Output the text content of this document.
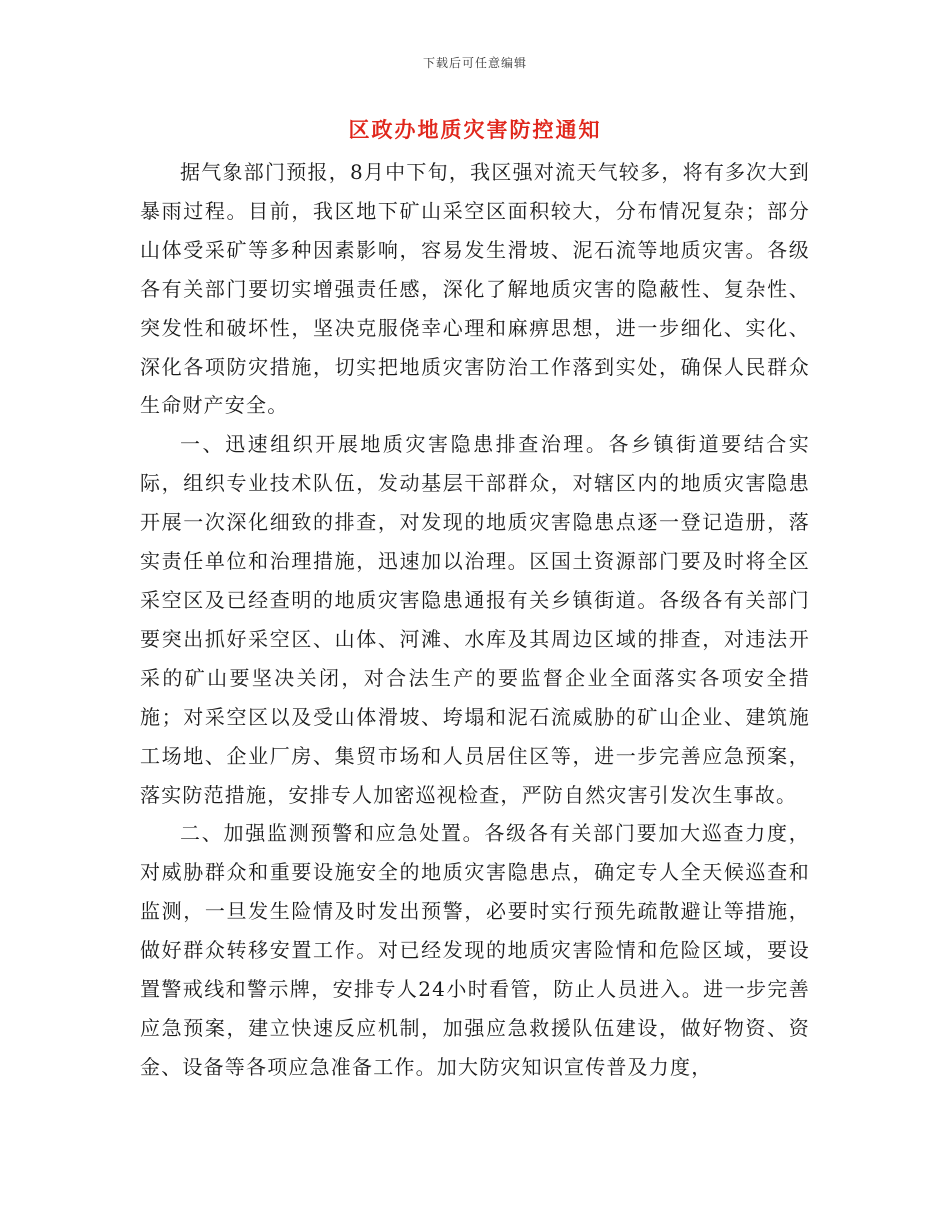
下载后可任意编辑
区政办地质灾害防控通知

据气象部门预报，8月中下旬，我区强对流天气较多，将有多次大到暴雨过程。目前，我区地下矿山采空区面积较大，分布情况复杂；部分山体受采矿等多种因素影响，容易发生滑坡、泥石流等地质灾害。各级各有关部门要切实增强责任感，深化了解地质灾害的隐蔽性、复杂性、突发性和破坏性，坚决克服侥幸心理和麻痹思想，进一步细化、实化、深化各项防灾措施，切实把地质灾害防治工作落到实处，确保人民群众生命财产安全。

一、迅速组织开展地质灾害隐患排查治理。各乡镇街道要结合实际，组织专业技术队伍，发动基层干部群众，对辖区内的地质灾害隐患开展一次深化细致的排查，对发现的地质灾害隐患点逐一登记造册，落实责任单位和治理措施，迅速加以治理。区国土资源部门要及时将全区采空区及已经查明的地质灾害隐患通报有关乡镇街道。各级各有关部门要突出抓好采空区、山体、河滩、水库及其周边区域的排查，对违法开采的矿山要坚决关闭，对合法生产的要监督企业全面落实各项安全措施；对采空区以及受山体滑坡、垮塌和泥石流威胁的矿山企业、建筑施工场地、企业厂房、集贸市场和人员居住区等，进一步完善应急预案，落实防范措施，安排专人加密巡视检查，严防自然灾害引发次生事故。

二、加强监测预警和应急处置。各级各有关部门要加大巡查力度，对威胁群众和重要设施安全的地质灾害隐患点，确定专人全天候巡查和监测，一旦发生险情及时发出预警，必要时实行预先疏散避让等措施，做好群众转移安置工作。对已经发现的地质灾害险情和危险区域，要设置警戒线和警示牌，安排专人24小时看管，防止人员进入。进一步完善应急预案，建立快速反应机制，加强应急救援队伍建设，做好物资、资金、设备等各项应急准备工作。加大防灾知识宣传普及力度，
